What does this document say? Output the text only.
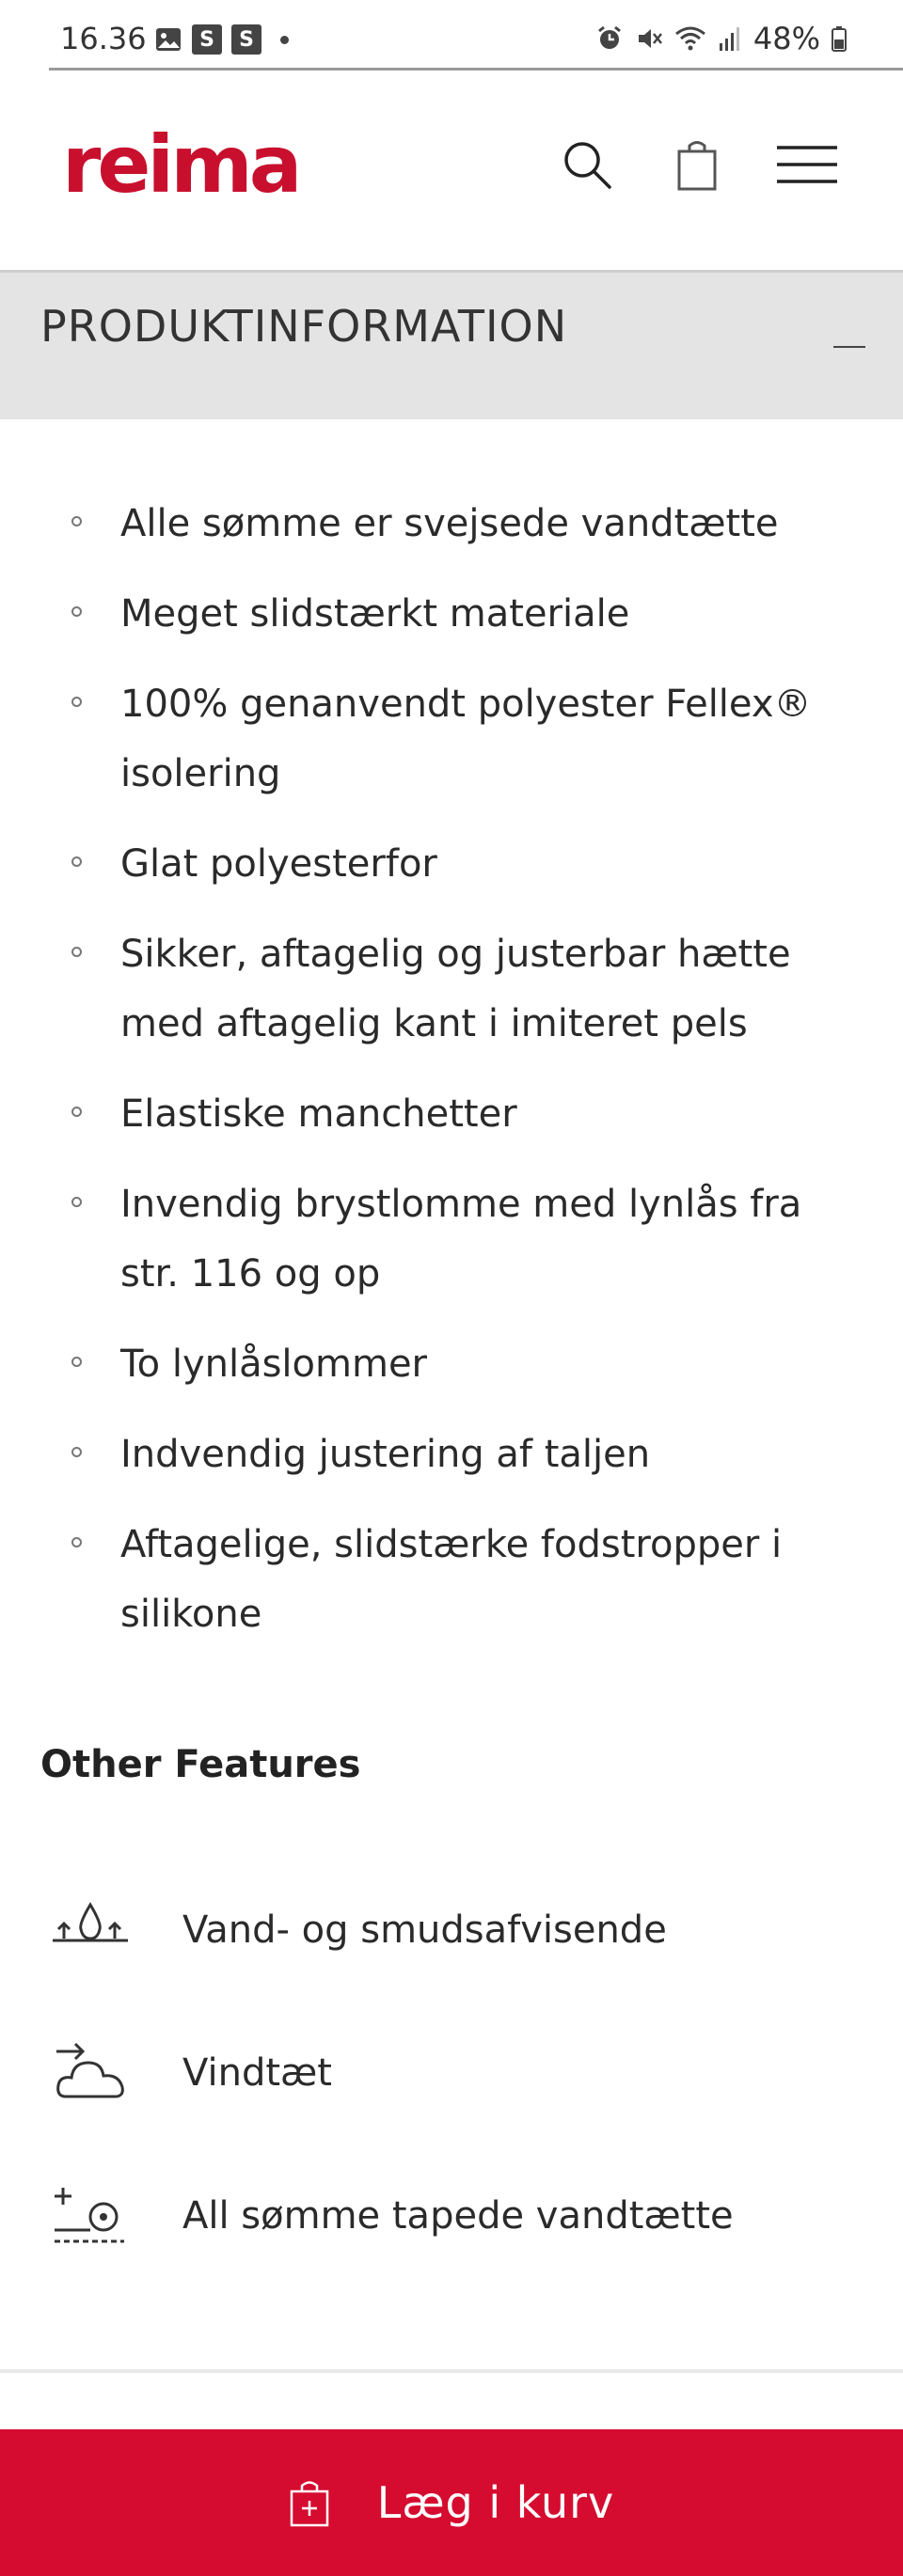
16.36	S	S	48%
reima
PRODUKTINFORMATION
Alle sømme er svejsede vandtætte
Meget slidstærkt materiale
100% genanvendt polyester Fellex® isolering
Glat polyesterfor
Sikker, aftagelig og justerbar hætte med aftagelig kant i imiteret pels
Elastiske manchetter
Invendig brystlomme med lynlås fra str. 116 og op
To lynlåslommer
Indvendig justering af taljen
Aftagelige, slidstærke fodstropper i silikone
Other Features
Vand- og smudsafvisende
Vindtæt
All sømme tapede vandtætte
Læg i kurv
